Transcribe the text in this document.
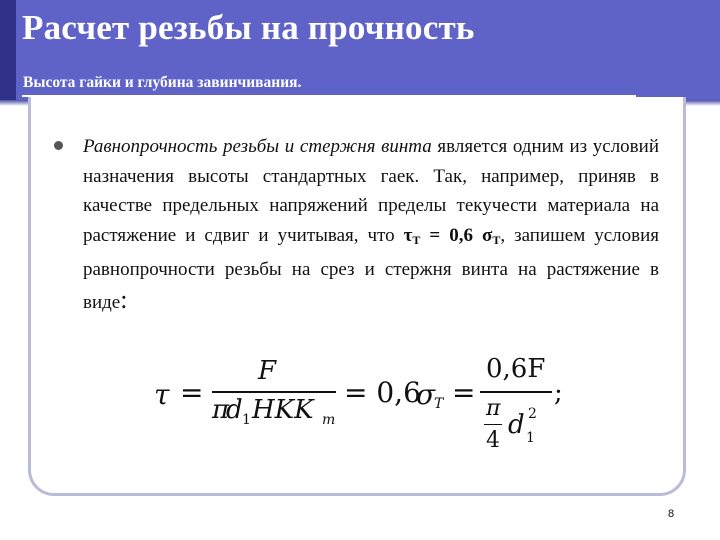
Расчет резьбы на прочность
Высота гайки и глубина завинчивания.
Равнопрочность резьбы и стержня винта является одним из условий назначения высоты стандартных гаек. Так, например, приняв в качестве предельных напряжений пределы текучести материала на растяжение и сдвиг и учитывая, что $\tau_T = 0,6$ $\sigma_T$, запишем условия равнопрочности резьбы на срез и стержня винта на растяжение в виде:
τ =
F
π
d 1 HKK m
= 0,6
σ
T =
0,6F
π
4
d 1
2
;
8
